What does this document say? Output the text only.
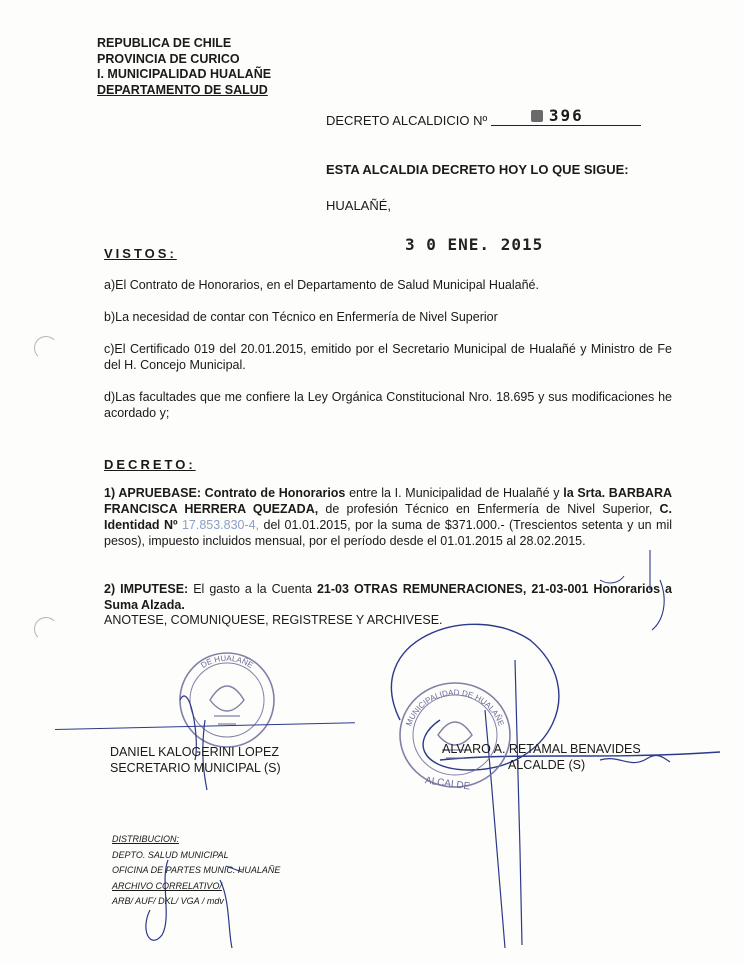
REPUBLICA DE CHILE
PROVINCIA DE CURICO
I. MUNICIPALIDAD HUALAÑE
DEPARTAMENTO DE SALUD
DECRETO ALCALDICIO Nº	396
ESTA ALCALDIA DECRETO HOY LO QUE SIGUE:
HUALAÑÉ,
3 0 ENE. 2015
VISTOS:
a)El Contrato de Honorarios, en el Departamento de Salud Municipal Hualañé.
b)La necesidad de contar con Técnico en Enfermería de Nivel Superior
c)El Certificado 019 del 20.01.2015, emitido por el Secretario Municipal de Hualañé y Ministro de Fe del H. Concejo Municipal.
d)Las facultades que me confiere la Ley Orgánica Constitucional Nro. 18.695 y sus modificaciones he acordado y;
DECRETO:
1) APRUEBASE: Contrato de Honorarios entre la I. Municipalidad de Hualañé y la Srta. BARBARA FRANCISCA HERRERA QUEZADA, de profesión Técnico en Enfermería de Nivel Superior, C. Identidad Nº 17.853.830-4, del 01.01.2015, por la suma de $371.000.- (Trescientos setenta y un mil pesos), impuesto incluidos mensual, por el período desde el 01.01.2015 al 28.02.2015.
2) IMPUTESE: El gasto a la Cuenta 21-03 OTRAS REMUNERACIONES, 21-03-001 Honorarios a Suma Alzada.
ANOTESE, COMUNIQUESE, REGISTRESE Y ARCHIVESE.
DE HUALAÑE
MUNICIPALIDAD DE HUALAÑE
ALCALDE
DANIEL KALOGERINI LOPEZ
SECRETARIO MUNICIPAL (S)
ALVARO A. RETAMAL BENAVIDES
ALCALDE (S)
DISTRIBUCION:
DEPTO. SALUD MUNICIPAL
OFICINA DE PARTES MUNIC. HUALAÑE
ARCHIVO CORRELATIVO/
ARB/ AUF/ DKL/ VGA / mdv
